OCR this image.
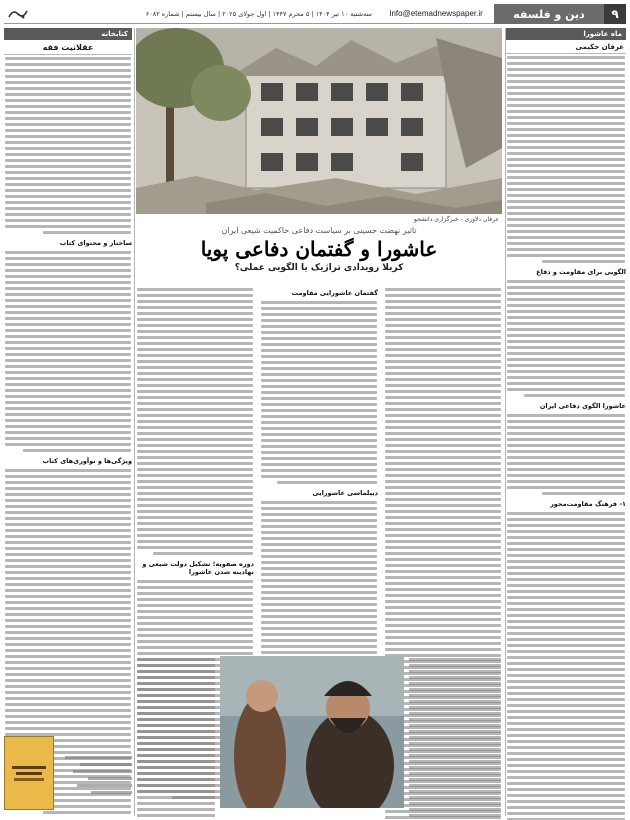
۹
دین و فلسفه
Info@etemadnewspaper.ir
سه‌شنبه ۱۰ تیر ۱۴۰۴ | ۵ محرم ۱۴۴۷ | اول جولای ۲۰۲۵ | سال بیستم | شماره ۶۰۸۲
ماه عاشورا
عرفان حکیمی
الگویی برای مقاومت و دفاع
عاشورا الگوی دفاعی ایران
۱- فرهنگ مقاومت‌محور
کتابخانه
عقلانیت فقه
ساختار و محتوای کتاب
ویژگی‌ها و نوآوری‌های کتاب
عرفان دلاوری - خبرگزاری دانشجو
تاثیر نهضت حسینی بر سیاست دفاعی حاکمیت شیعی ایران
عاشورا و گفتمان دفاعی پویا
کربلا رویدادی تراژیک یا الگویی عملی؟
گفتمان عاشورایی مقاومت
دیپلماسی عاشورایی
دوره صفویه؛ تشکیل دولت شیعی و نهادینه شدن عاشورا
